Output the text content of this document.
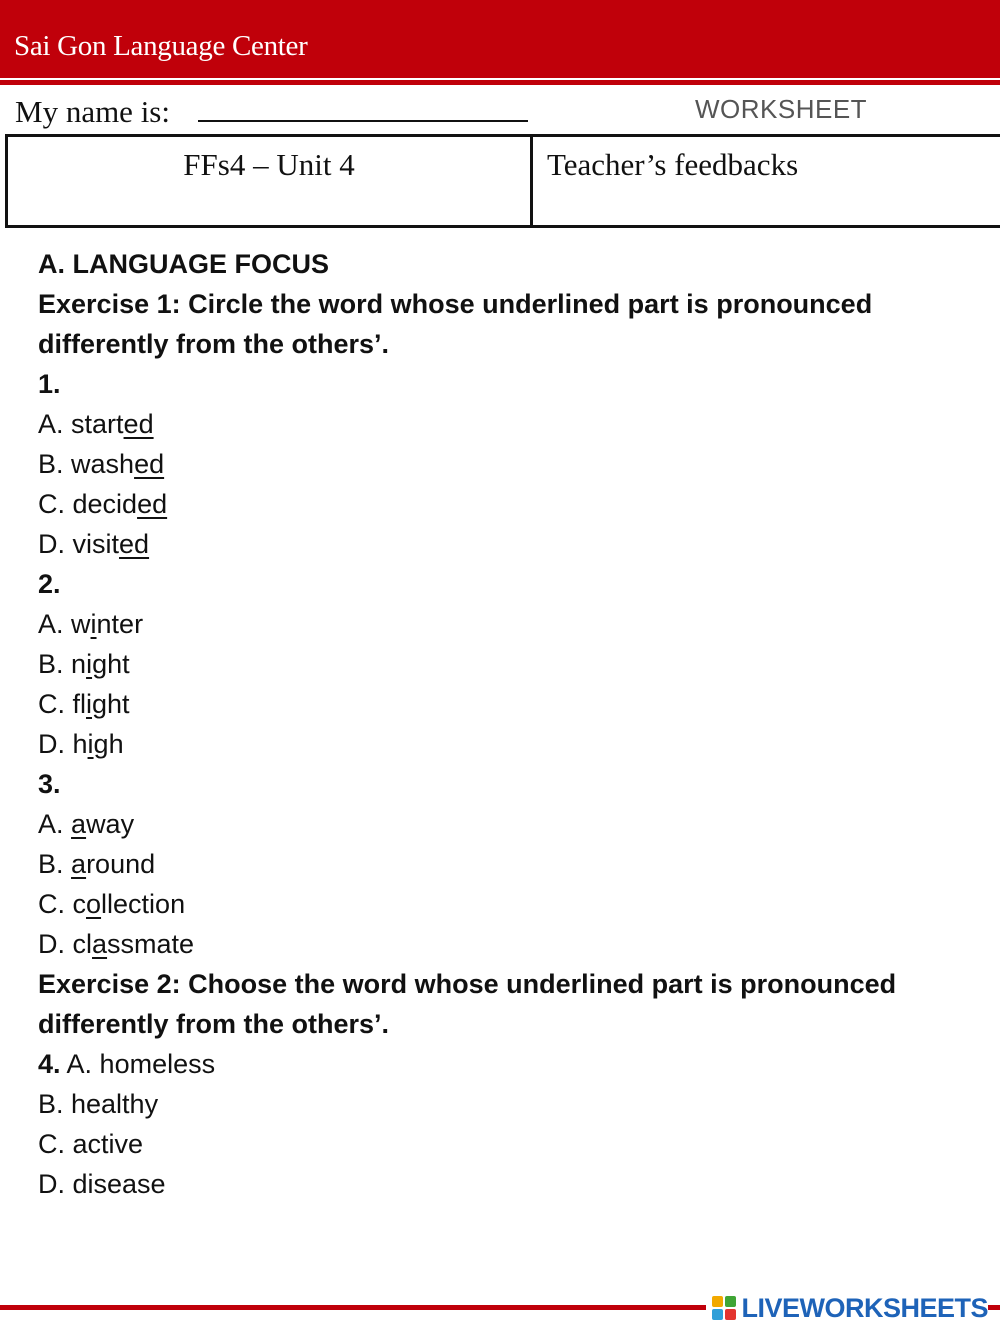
Sai Gon Language Center
My name is:	WORKSHEET
FFs4 – Unit 4	Teacher’s feedbacks
A. LANGUAGE FOCUS
Exercise 1: Circle the word whose underlined part is pronounced differently from the others’.
1.
A. started
B. washed
C. decided
D. visited
2.
A. winter
B. night
C. flight
D. high
3.
A. away
B. around
C. collection
D. classmate
Exercise 2: Choose the word whose underlined part is pronounced differently from the others’.
4. A. homeless
B. healthy
C. active
D. disease
LIVEWORKSHEETS
